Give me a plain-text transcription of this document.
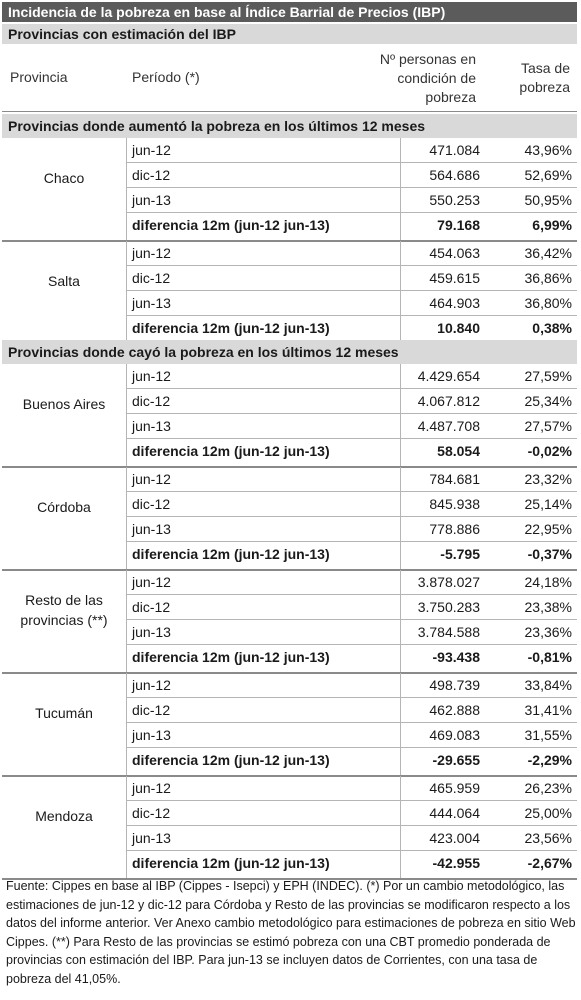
Incidencia de la pobreza en base al Índice Barrial de Precios (IBP)
Provincias con estimación del IBP
Provincia	Período (*)
Nº personas en
condición de
pobreza
Tasa de
pobreza
Provincias donde aumentó la pobreza en los últimos 12 meses
Chaco
jun-12	471.084	43,96%
dic-12	564.686	52,69%
jun-13	550.253	50,95%
diferencia 12m (jun-12 jun-13)	79.168	6,99%
Salta
jun-12	454.063	36,42%
dic-12	459.615	36,86%
jun-13	464.903	36,80%
diferencia 12m (jun-12 jun-13)	10.840	0,38%
Provincias donde cayó la pobreza en los últimos 12 meses
Buenos Aires
jun-12	4.429.654	27,59%
dic-12	4.067.812	25,34%
jun-13	4.487.708	27,57%
diferencia 12m (jun-12 jun-13)	58.054	-0,02%
Córdoba
jun-12	784.681	23,32%
dic-12	845.938	25,14%
jun-13	778.886	22,95%
diferencia 12m (jun-12 jun-13)	-5.795	-0,37%
Resto de las
provincias (**)
jun-12	3.878.027	24,18%
dic-12	3.750.283	23,38%
jun-13	3.784.588	23,36%
diferencia 12m (jun-12 jun-13)	-93.438	-0,81%
Tucumán
jun-12	498.739	33,84%
dic-12	462.888	31,41%
jun-13	469.083	31,55%
diferencia 12m (jun-12 jun-13)	-29.655	-2,29%
Mendoza
jun-12	465.959	26,23%
dic-12	444.064	25,00%
jun-13	423.004	23,56%
diferencia 12m (jun-12 jun-13)	-42.955	-2,67%
Fuente: Cippes en base al IBP (Cippes - Isepci) y EPH (INDEC). (*) Por un cambio metodológico, las estimaciones de jun-12 y dic-12 para Córdoba y Resto de las provincias se modificaron respecto a los datos del informe anterior. Ver Anexo cambio metodológico para estimaciones de pobreza en sitio Web Cippes. (**) Para Resto de las provincias se estimó pobreza con una CBT promedio ponderada de provincias con estimación del IBP. Para jun-13 se incluyen datos de Corrientes, con una tasa de pobreza del 41,05%.
